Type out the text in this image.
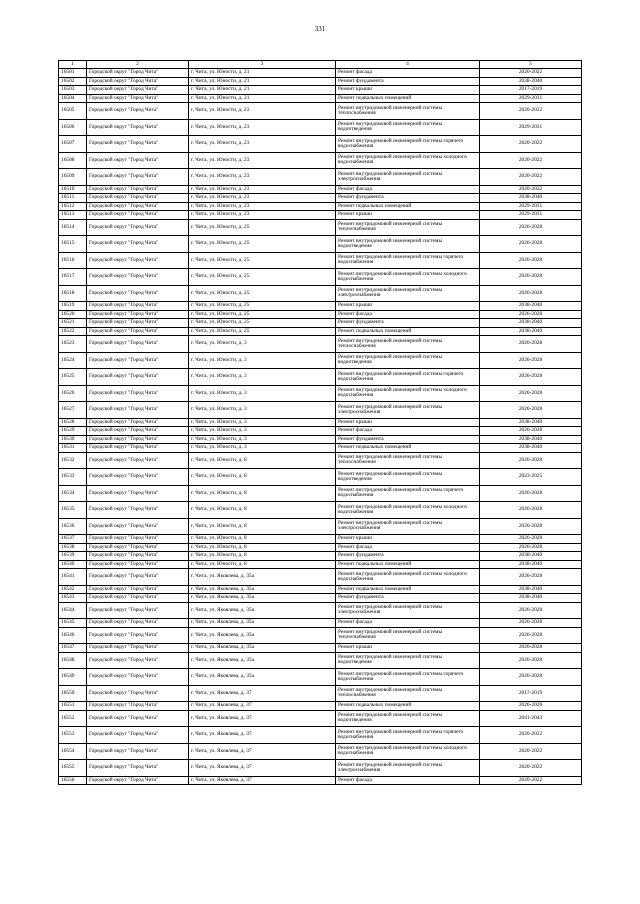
331
1	2	3	4	5
16501	Городской округ "Город Чита"	г. Чита, ул. Юности, д. 21	Ремонт фасада	2020-2022
16502	Городской округ "Город Чита"	г. Чита, ул. Юности, д. 21	Ремонт фундамента	2038-2040
16503	Городской округ "Город Чита"	г. Чита, ул. Юности, д. 21	Ремонт крыши	2017-2019
16504	Городской округ "Город Чита"	г. Чита, ул. Юности, д. 21	Ремонт подвальных помещений	2029-2031
16505	Городской округ "Город Чита"	г. Чита, ул. Юности, д. 23	Ремонт внутридомовой инженерной системы теплоснабжения	2020-2022
16506	Городской округ "Город Чита"	г. Чита, ул. Юности, д. 23	Ремонт внутридомовой инженерной системы водоотведения	2029-2031
16507	Городской округ "Город Чита"	г. Чита, ул. Юности, д. 23	Ремонт внутридомовой инженерной системы горячего водоснабжения	2020-2022
16508	Городской округ "Город Чита"	г. Чита, ул. Юности, д. 23	Ремонт внутридомовой инженерной системы холодного водоснабжения	2020-2022
16509	Городской округ "Город Чита"	г. Чита, ул. Юности, д. 23	Ремонт внутридомовой инженерной системы электроснабжения	2020-2022
16510	Городской округ "Город Чита"	г. Чита, ул. Юности, д. 23	Ремонт фасада	2020-2022
16511	Городской округ "Город Чита"	г. Чита, ул. Юности, д. 23	Ремонт фундамента	2038-2040
16512	Городской округ "Город Чита"	г. Чита, ул. Юности, д. 23	Ремонт подвальных помещений	2029-2031
16513	Городской округ "Город Чита"	г. Чита, ул. Юности, д. 23	Ремонт крыши	2029-2031
16514	Городской округ "Город Чита"	г. Чита, ул. Юности, д. 25	Ремонт внутридомовой инженерной системы теплоснабжения	2026-2028
16515	Городской округ "Город Чита"	г. Чита, ул. Юности, д. 25	Ремонт внутридомовой инженерной системы водоотведения	2026-2028
16516	Городской округ "Город Чита"	г. Чита, ул. Юности, д. 25	Ремонт внутридомовой инженерной системы горячего водоснабжения	2026-2028
16517	Городской округ "Город Чита"	г. Чита, ул. Юности, д. 25	Ремонт внутридомовой инженерной системы холодного водоснабжения	2026-2028
16518	Городской округ "Город Чита"	г. Чита, ул. Юности, д. 25	Ремонт внутридомовой инженерной системы электроснабжения	2026-2028
16519	Городской округ "Город Чита"	г. Чита, ул. Юности, д. 25	Ремонт крыши	2038-2040
16520	Городской округ "Город Чита"	г. Чита, ул. Юности, д. 25	Ремонт фасада	2026-2028
16521	Городской округ "Город Чита"	г. Чита, ул. Юности, д. 25	Ремонт фундамента	2038-2040
16522	Городской округ "Город Чита"	г. Чита, ул. Юности, д. 25	Ремонт подвальных помещений	2038-2040
16523	Городской округ "Город Чита"	г. Чита, ул. Юности, д. 3	Ремонт внутридомовой инженерной системы теплоснабжения	2026-2028
16524	Городской округ "Город Чита"	г. Чита, ул. Юности, д. 3	Ремонт внутридомовой инженерной системы водоотведения	2026-2028
16525	Городской округ "Город Чита"	г. Чита, ул. Юности, д. 3	Ремонт внутридомовой инженерной системы горячего водоснабжения	2026-2028
16526	Городской округ "Город Чита"	г. Чита, ул. Юности, д. 3	Ремонт внутридомовой инженерной системы холодного водоснабжения	2026-2028
16527	Городской округ "Город Чита"	г. Чита, ул. Юности, д. 3	Ремонт внутридомовой инженерной системы электроснабжения	2026-2028
16528	Городской округ "Город Чита"	г. Чита, ул. Юности, д. 3	Ремонт крыши	2038-2040
16529	Городской округ "Город Чита"	г. Чита, ул. Юности, д. 3	Ремонт фасада	2026-2028
16530	Городской округ "Город Чита"	г. Чита, ул. Юности, д. 3	Ремонт фундамента	2038-2040
16531	Городской округ "Город Чита"	г. Чита, ул. Юности, д. 3	Ремонт подвальных помещений	2038-2040
16532	Городской округ "Город Чита"	г. Чита, ул. Юности, д. 8	Ремонт внутридомовой инженерной системы теплоснабжения	2026-2028
16533	Городской округ "Город Чита"	г. Чита, ул. Юности, д. 8	Ремонт внутридомовой инженерной системы водоотведения	2023-2025
16534	Городской округ "Город Чита"	г. Чита, ул. Юности, д. 8	Ремонт внутридомовой инженерной системы горячего водоснабжения	2026-2028
16535	Городской округ "Город Чита"	г. Чита, ул. Юности, д. 8	Ремонт внутридомовой инженерной системы холодного водоснабжения	2026-2028
16536	Городской округ "Город Чита"	г. Чита, ул. Юности, д. 8	Ремонт внутридомовой инженерной системы электроснабжения	2026-2028
16537	Городской округ "Город Чита"	г. Чита, ул. Юности, д. 8	Ремонт крыши	2026-2028
16538	Городской округ "Город Чита"	г. Чита, ул. Юности, д. 8	Ремонт фасада	2026-2028
16539	Городской округ "Город Чита"	г. Чита, ул. Юности, д. 8	Ремонт фундамента	2038-2040
16540	Городской округ "Город Чита"	г. Чита, ул. Юности, д. 8	Ремонт подвальных помещений	2038-2040
16541	Городской округ "Город Чита"	г. Чита, ул. Яковлева, д. 35а	Ремонт внутридомовой инженерной системы холодного водоснабжения	2026-2028
16542	Городской округ "Город Чита"	г. Чита, ул. Яковлева, д. 35а	Ремонт подвальных помещений	2038-2040
16543	Городской округ "Город Чита"	г. Чита, ул. Яковлева, д. 35а	Ремонт фундамента	2038-2040
16544	Городской округ "Город Чита"	г. Чита, ул. Яковлева, д. 35а	Ремонт внутридомовой инженерной системы электроснабжения	2026-2028
16545	Городской округ "Город Чита"	г. Чита, ул. Яковлева, д. 35а	Ремонт фасада	2026-2028
16546	Городской округ "Город Чита"	г. Чита, ул. Яковлева, д. 35а	Ремонт внутридомовой инженерной системы теплоснабжения	2026-2028
16547	Городской округ "Город Чита"	г. Чита, ул. Яковлева, д. 35а	Ремонт крыши	2026-2028
16548	Городской округ "Город Чита"	г. Чита, ул. Яковлева, д. 35а	Ремонт внутридомовой инженерной системы водоотведения	2026-2028
16549	Городской округ "Город Чита"	г. Чита, ул. Яковлева, д. 35а	Ремонт внутридомовой инженерной системы горячего водоснабжения	2026-2028
16550	Городской округ "Город Чита"	г. Чита, ул. Яковлева, д. 37	Ремонт внутридомовой инженерной системы теплоснабжения	2017-2019
16551	Городской округ "Город Чита"	г. Чита, ул. Яковлева, д. 37	Ремонт подвальных помещений	2026-2028
16552	Городской округ "Город Чита"	г. Чита, ул. Яковлева, д. 37	Ремонт внутридомовой инженерной системы водоотведения	2041-2043
16553	Городской округ "Город Чита"	г. Чита, ул. Яковлева, д. 37	Ремонт внутридомовой инженерной системы горячего водоснабжения	2020-2022
16554	Городской округ "Город Чита"	г. Чита, ул. Яковлева, д. 37	Ремонт внутридомовой инженерной системы холодного водоснабжения	2020-2022
16555	Городской округ "Город Чита"	г. Чита, ул. Яковлева, д. 37	Ремонт внутридомовой инженерной системы электроснабжения	2020-2022
16556	Городской округ "Город Чита"	г. Чита, ул. Яковлева, д. 37	Ремонт фасада	2020-2022
